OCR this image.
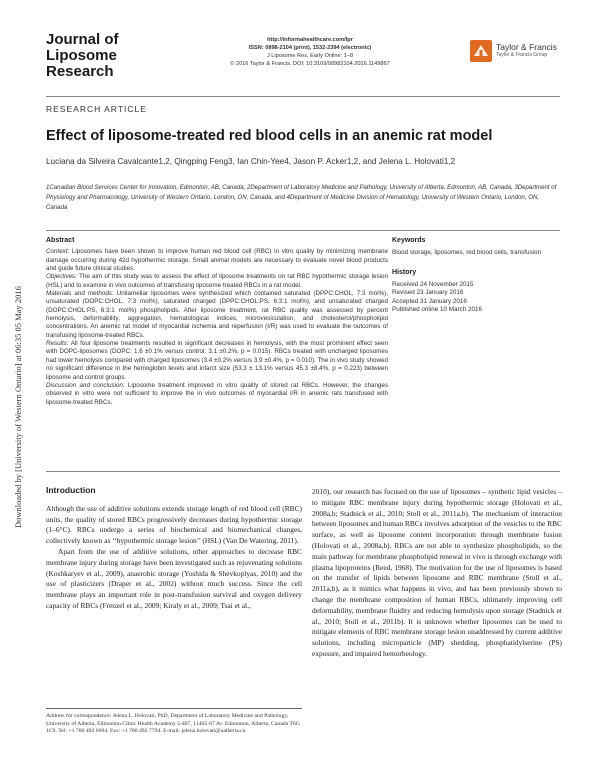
Downloaded by [University of Western Ontario] at 06:35 05 May 2016
Journal of
Liposome
Research
http://informahealthcare.com/lpr
ISSN: 0898-2104 (print), 1532-2394 (electronic)
J Liposome Res, Early Online: 1–8
© 2016 Taylor & Francis. DOI: 10.3109/08982104.2016.1149867
Taylor & Francis
Taylor & Francis Group
RESEARCH ARTICLE
Effect of liposome-treated red blood cells in an anemic rat model
Luciana da Silveira Cavalcante1,2, Qingping Feng3, Ian Chin-Yee4, Jason P. Acker1,2, and Jelena L. Holovati1,2
1Canadian Blood Services Center for Innovation, Edmonton, AB, Canada, 2Department of Laboratory Medicine and Pathology, University of Alberta, Edmonton, AB, Canada, 3Department of Physiology and Pharmacology, University of Western Ontario, London, ON, Canada, and 4Department of Medicine Division of Hematology, University of Western Ontario, London, ON, Canada
Abstract

Context: Liposomes have been shown to improve human red blood cell (RBC) in vitro quality by minimizing membrane damage occurring during 42d hypothermic storage. Small animal models are necessary to evaluate novel blood products and guide future clinical studies.

Objectives: The aim of this study was to assess the effect of liposome treatments on rat RBC hypothermic storage lesion (HSL) and to examine in vivo outcomes of transfusing liposome treated RBCs in a rat model.

Materials and methods: Unilamellar liposomes were synthesized which contained saturated (DPPC:CHOL, 7:3 mol%), unsaturated (DOPC:CHOL, 7:3 mol%), saturated charged (DPPC:CHOL:PS, 6:3:1 mol%), and unsaturated charged (DOPC:CHOL:PS, 6:3:1 mol%) phospholipids. After liposome treatment, rat RBC quality was assessed by percent hemolysis, deformability, aggregation, hematological indices, microvesiculation, and cholesterol/phospholipid concentrations. An anemic rat model of myocardial ischemia and reperfusion (I/R) was used to evaluate the outcomes of transfusing liposome-treated RBCs.

Results: All four liposome treatments resulted in significant decreases in hemolysis, with the most prominent effect seen with DOPC-liposomes (DOPC: 1.6 ±0.1% versus control: 3.1 ±0.2%, p = 0.015). RBCs treated with uncharged liposomes had lower hemolysis compared with charged liposomes (3.4 ±0.2% versus 3.9 ±0.4%, p = 0.010). The in vivo study showed no significant difference in the hemoglobin levels and infarct size (53.3 ± 13.1% versus 45.3 ±8.4%, p = 0.223) between liposome and control groups.

Discussion and conclusion: Liposome treatment improved in vitro quality of stored rat RBCs. However, the changes observed in vitro were not sufficient to improve the in vivo outcomes of myocardial I/R in anemic rats transfused with liposome-treated RBCs.

Keywords

Blood storage, liposomes, red blood cells, transfusion

History

Received 24 November 2015

Revised 23 January 2016

Accepted 31 January 2016

Published online 10 March 2016

Introduction

Although the use of additive solutions extends storage length of red blood cell (RBC) units, the quality of stored RBCs progressively decreases during hypothermic storage (1–6°C). RBCs undergo a series of biochemical and biomechanical changes, collectively known as ‘‘hypothermic storage lesion’’ (HSL) (Van De Watering, 2011).

Apart from the use of additive solutions, other approaches to decrease RBC membrane injury during storage have been investigated such as rejuvenating solutions (Koshkaryev et al., 2009), anaerobic storage (Yoshida & Shevkoplyas, 2010) and the use of plasticizers (Draper et al., 2002) without much success. Since the cell membrane plays an important role in post-transfusion survival and oxygen delivery capacity of RBCs (Frenzel et al., 2009; Kiraly et al., 2009; Tsai et al.,

2010), our research has focused on the use of liposomes – synthetic lipid vesicles – to mitigate RBC membrane injury during hypothermic storage (Holovati et al., 2008a,b; Stadnick et al., 2010; Stoll et al., 2011a,b). The mechanism of interaction between liposomes and human RBCs involves adsorption of the vesicles to the RBC surface, as well as liposome content incorporation through membrane fusion (Holovati et al., 2008a,b). RBCs are not able to synthesize phospholipids, so the main pathway for membrane phospholipid renewal in vivo is through exchange with plasma lipoproteins (Reed, 1968). The motivation for the use of liposomes is based on the transfer of lipids between liposome and RBC membrane (Stoll et al., 2011a,b), as it mimics what happens in vivo, and has been previously shown to change the membrane composition of human RBCs, ultimately improving cell deformability, membrane fluidity and reducing hemolysis upon storage (Stadnick et al., 2010; Stoll et al., 2011b). It is unknown whether liposomes can be used to mitigate elements of RBC membrane storage lesion unaddressed by current additive solutions, including microparticle (MP) shedding, phosphatidylserine (PS) exposure, and impaired hemorheology.

Address for correspondence: Jelena L. Holovati, PhD, Department of Laboratory Medicine and Pathology, University of Alberta, Edmonton Clinic Health Academy 5-407, 11405-87 Av. Edmonton, Alberta, Canada T6G 1C9. Tel: +1 780 492 6604. Fax: +1 780 492 7794. E-mail: jelena.holovati@ualberta.ca
